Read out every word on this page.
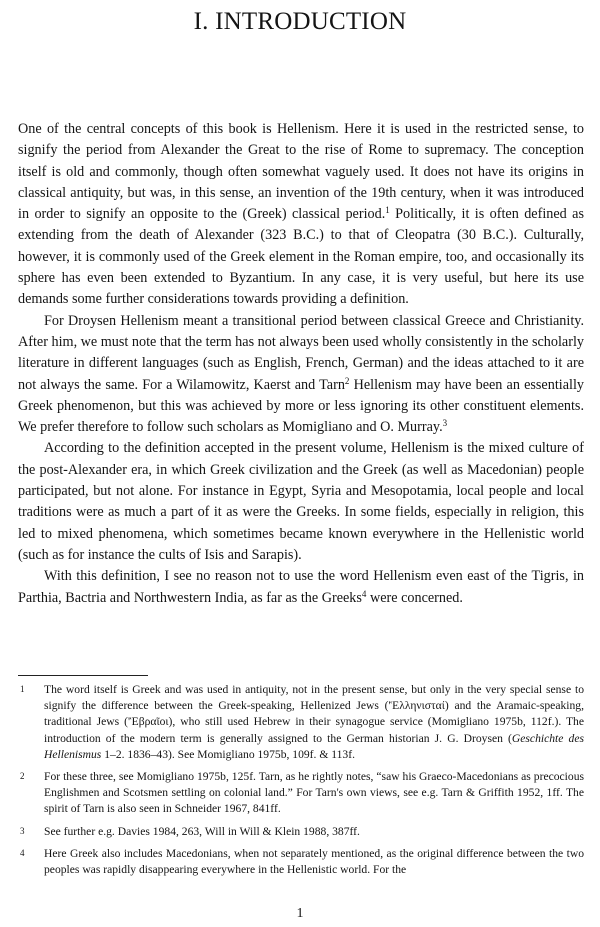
I. INTRODUCTION

One of the central concepts of this book is Hellenism. Here it is used in the restricted sense, to signify the period from Alexander the Great to the rise of Rome to supremacy. The conception itself is old and commonly, though often somewhat vaguely used. It does not have its origins in classical antiquity, but was, in this sense, an invention of the 19th century, when it was introduced in order to signify an opposite to the (Greek) classical period.$^1$ Politically, it is often defined as extending from the death of Alexander (323 B.C.) to that of Cleopatra (30 B.C.). Culturally, however, it is commonly used of the Greek element in the Roman empire, too, and occasionally its sphere has even been extended to Byzantium. In any case, it is very useful, but here its use demands some further considerations towards providing a definition.

For Droysen Hellenism meant a transitional period between classical Greece and Christianity. After him, we must note that the term has not always been used wholly consistently in the scholarly literature in different languages (such as English, French, German) and the ideas attached to it are not always the same. For a Wilamowitz, Kaerst and Tarn$^2$ Hellenism may have been an essentially Greek phenomenon, but this was achieved by more or less ignoring its other constituent elements. We prefer therefore to follow such scholars as Momigliano and O. Murray.$^3$

According to the definition accepted in the present volume, Hellenism is the mixed culture of the post-Alexander era, in which Greek civilization and the Greek (as well as Macedonian) people participated, but not alone. For instance in Egypt, Syria and Mesopotamia, local people and local traditions were as much a part of it as were the Greeks. In some fields, especially in religion, this led to mixed phenomena, which sometimes became known everywhere in the Hellenistic world (such as for instance the cults of Isis and Sarapis).

With this definition, I see no reason not to use the word Hellenism even east of the Tigris, in Parthia, Bactria and Northwestern India, as far as the Greeks$^4$ were concerned.

1 The word itself is Greek and was used in antiquity, not in the present sense, but only in the very special sense to signify the difference between the Greek-speaking, Hellenized Jews ('Ἑλληνισταί) and the Aramaic-speaking, traditional Jews ('Ἑβραῖοι), who still used Hebrew in their synagogue service (Momigliano 1975b, 112f.). The introduction of the modern term is generally assigned to the German historian J. G. Droysen (Geschichte des Hellenismus 1–2. 1836–43). See Momigliano 1975b, 109f. & 113f.
2 For these three, see Momigliano 1975b, 125f. Tarn, as he rightly notes, “saw his Graeco-Macedonians as precocious Englishmen and Scotsmen settling on colonial land.” For Tarn's own views, see e.g. Tarn & Griffith 1952, 1ff. The spirit of Tarn is also seen in Schneider 1967, 841ff.
3 See further e.g. Davies 1984, 263, Will in Will & Klein 1988, 387ff.
4 Here Greek also includes Macedonians, when not separately mentioned, as the original difference between the two peoples was rapidly disappearing everywhere in the Hellenistic world. For the
1
